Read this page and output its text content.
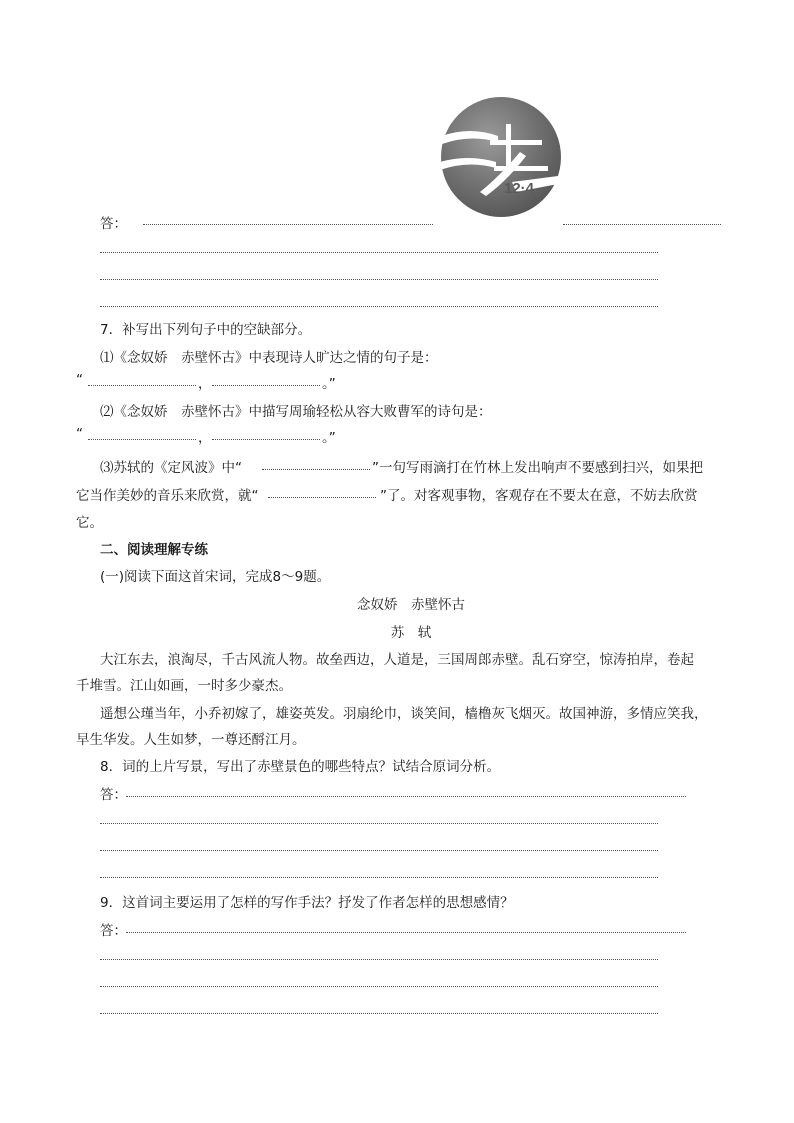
12·4
答：
7．补写出下列句子中的空缺部分。
⑴《念奴娇　赤壁怀古》中表现诗人旷达之情的句子是：
“	，	。”
⑵《念奴娇　赤壁怀古》中描写周瑜轻松从容大败曹军的诗句是：
“	，	。”
⑶苏轼的《定风波》中“	”一句写雨滴打在竹林上发出响声不要感到扫兴，如果把
它当作美妙的音乐来欣赏，就“	”了。对客观事物，客观存在不要太在意，不妨去欣赏
它。
二、阅读理解专练
(一)阅读下面这首宋词，完成8～9题。
念奴娇　赤壁怀古
苏　轼
大江东去，浪淘尽，千古风流人物。故垒西边，人道是，三国周郎赤壁。乱石穿空，惊涛拍岸，卷起
千堆雪。江山如画，一时多少豪杰。
遥想公瑾当年，小乔初嫁了，雄姿英发。羽扇纶巾，谈笑间，樯橹灰飞烟灭。故国神游，多情应笑我，
早生华发。人生如梦，一尊还酹江月。
8．词的上片写景，写出了赤壁景色的哪些特点？试结合原词分析。
答：
9．这首词主要运用了怎样的写作手法？抒发了作者怎样的思想感情？
答：
